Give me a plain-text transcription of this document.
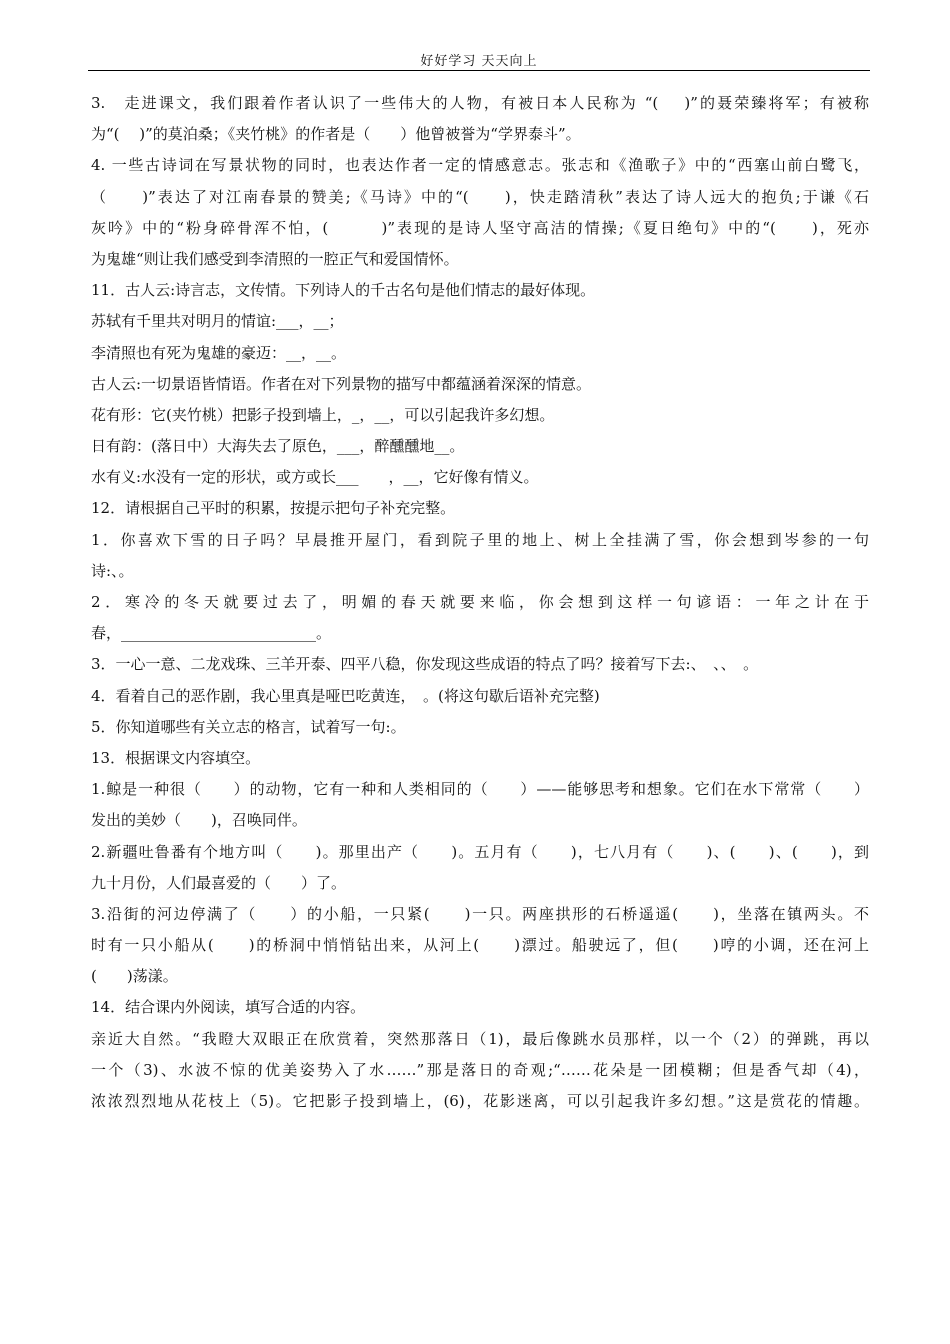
好好学习 天天向上
3.　走进课文，我们跟着作者认识了一些伟大的人物，有被日本人民称为 “(　 )”的聂荣臻将军；有被称
为“(　 )”的莫泊桑；《夹竹桃》的作者是（　　）他曾被誉为“学界泰斗”。
4. 一些古诗词在写景状物的同时，也表达作者一定的情感意志。张志和《渔歌子》中的“西塞山前白鹭飞，
（　　)”表达了对江南春景的赞美;《马诗》中的“(　　)，快走踏清秋”表达了诗人远大的抱负;于谦《石
灰吟》中的“粉身碎骨浑不怕，(　　　)”表现的是诗人坚守高洁的情操;《夏日绝句》中的“(　　)，死亦
为鬼雄“则让我们感受到李清照的一腔正气和爱国情怀。
11．古人云:诗言志，文传情。下列诗人的千古名句是他们情志的最好体现。
苏轼有千里共对明月的情谊:___，__；
李清照也有死为鬼雄的豪迈：__，__。
古人云:一切景语皆情语。作者在对下列景物的描写中都蕴涵着深深的情意。
花有形：它(夹竹桃）把影子投到墙上，_，__，可以引起我许多幻想。
日有韵：(落日中）大海失去了原色，___，醉醺醺地__。
水有义:水没有一定的形状，或方或长___　　，__，它好像有情义。
12．请根据自己平时的积累，按提示把句子补充完整。
1．你喜欢下雪的日子吗？早晨推开屋门，看到院子里的地上、树上全挂满了雪，你会想到岑参的一句
诗:、。
2．寒冷的冬天就要过去了，明媚的春天就要来临，你会想到这样一句谚语：一年之计在于
春，__________________________。
3．一心一意、二龙戏珠、三羊开泰、四平八稳，你发现这些成语的特点了吗？接着写下去:、　、、　。
4．看着自己的恶作剧，我心里真是哑巴吃黄连，　。(将这句歇后语补充完整)
5．你知道哪些有关立志的格言，试着写一句:。
13．根据课文内容填空。
1.鲸是一种很（　　）的动物，它有一种和人类相同的（　　）——能够思考和想象。它们在水下常常（　　）
发出的美妙（　　)，召唤同伴。
2.新疆吐鲁番有个地方叫（　　)。那里出产（　　)。五月有（　　)，七八月有（　　)、(　　)、(　　)，到
九十月份，人们最喜爱的（　　）了。
3.沿街的河边停满了（　　）的小船，一只紧(　　)一只。两座拱形的石桥遥遥(　　)，坐落在镇两头。不
时有一只小船从(　　)的桥洞中悄悄钻出来，从河上(　　)漂过。船驶远了，但(　　)哼的小调，还在河上
(　　)荡漾。
14．结合课内外阅读，填写合适的内容。
亲近大自然。“我瞪大双眼正在欣赏着，突然那落日（1)，最后像跳水员那样，以一个（2）的弹跳，再以
一个（3)、水波不惊的优美姿势入了水……”那是落日的奇观;“……花朵是一团模糊；但是香气却（4)，
浓浓烈烈地从花枝上（5)。它把影子投到墙上，(6)，花影迷离，可以引起我许多幻想。”这是赏花的情趣。
